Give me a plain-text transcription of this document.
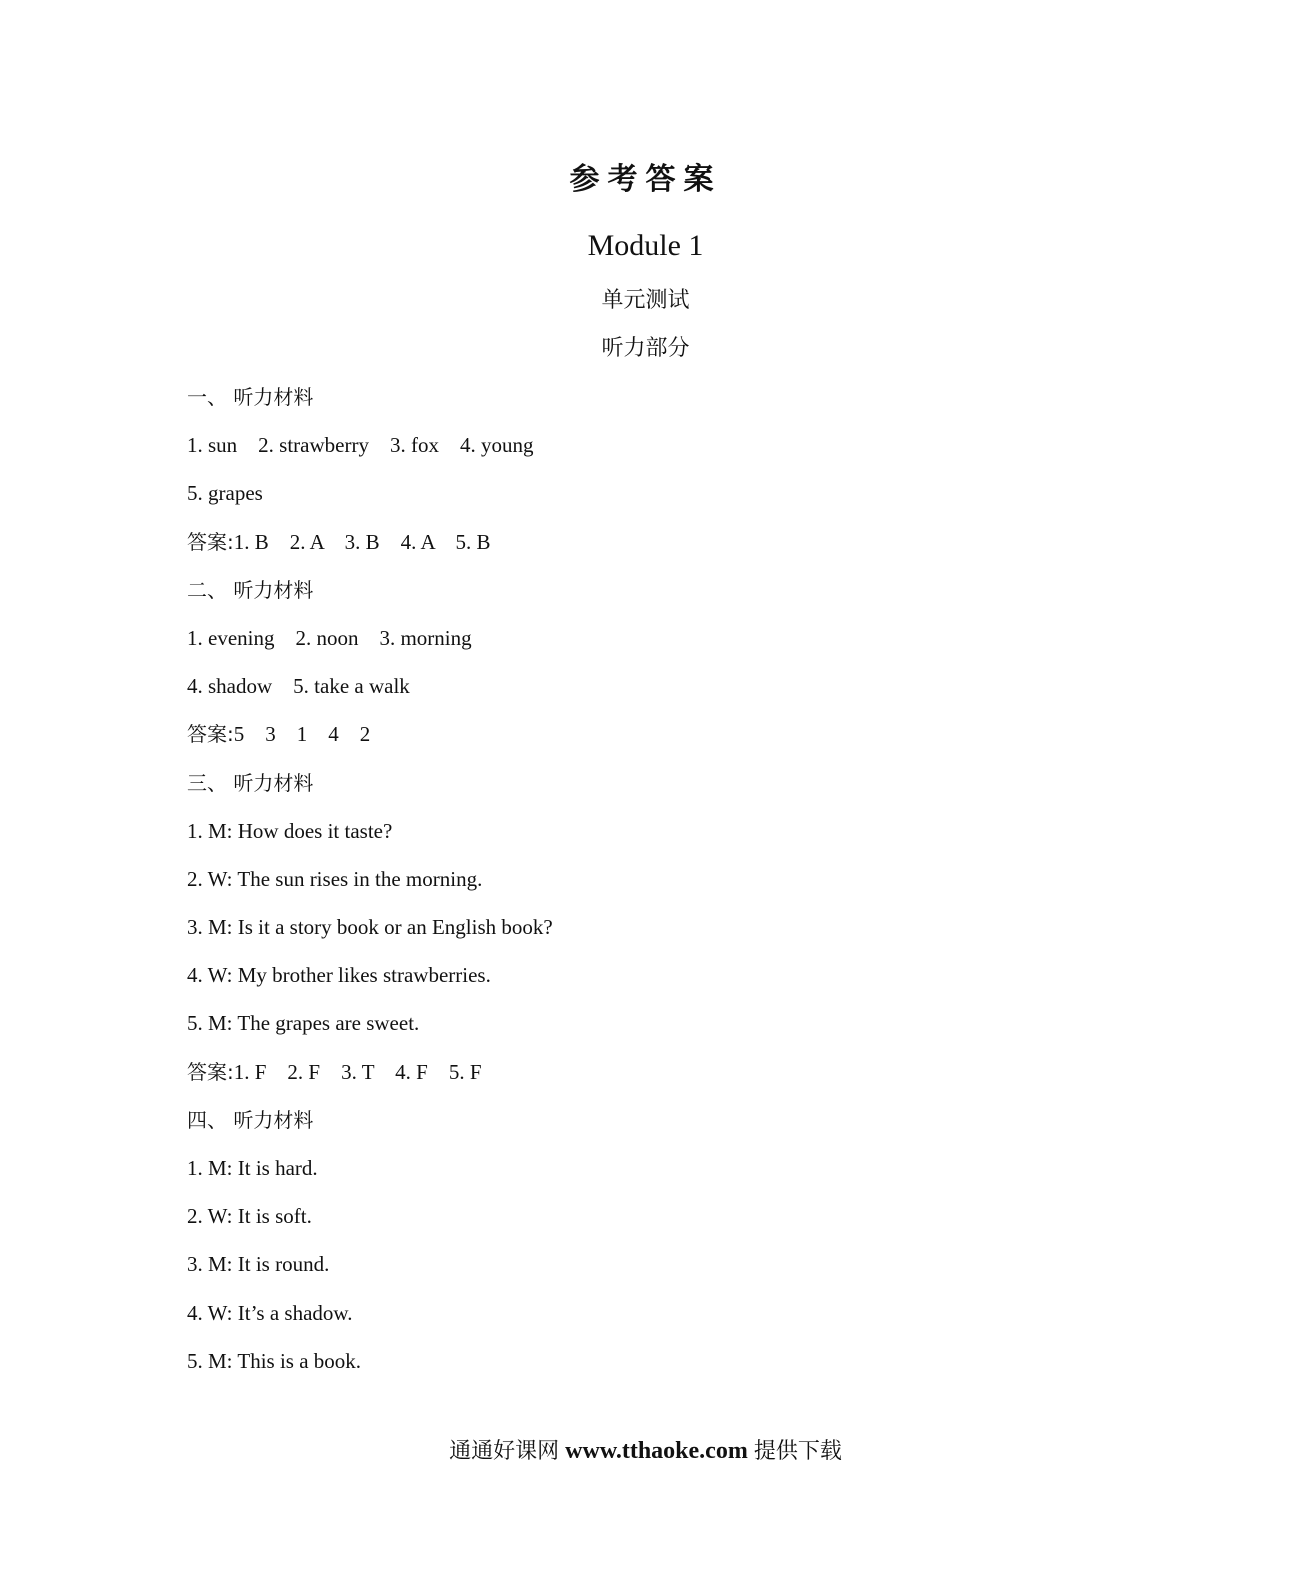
参考答案
Module 1
单元测试
听力部分
一、 听力材料
1. sun    2. strawberry    3. fox    4. young
5. grapes
答案:1. B    2. A    3. B    4. A    5. B
二、 听力材料
1. evening    2. noon    3. morning
4. shadow    5. take a walk
答案:5    3    1    4    2
三、 听力材料
1. M: How does it taste?
2. W: The sun rises in the morning.
3. M: Is it a story book or an English book?
4. W: My brother likes strawberries.
5. M: The grapes are sweet.
答案:1. F    2. F    3. T    4. F    5. F
四、 听力材料
1. M: It is hard.
2. W: It is soft.
3. M: It is round.
4. W: It’s a shadow.
5. M: This is a book.
通通好课网 www.tthaoke.com 提供下载
